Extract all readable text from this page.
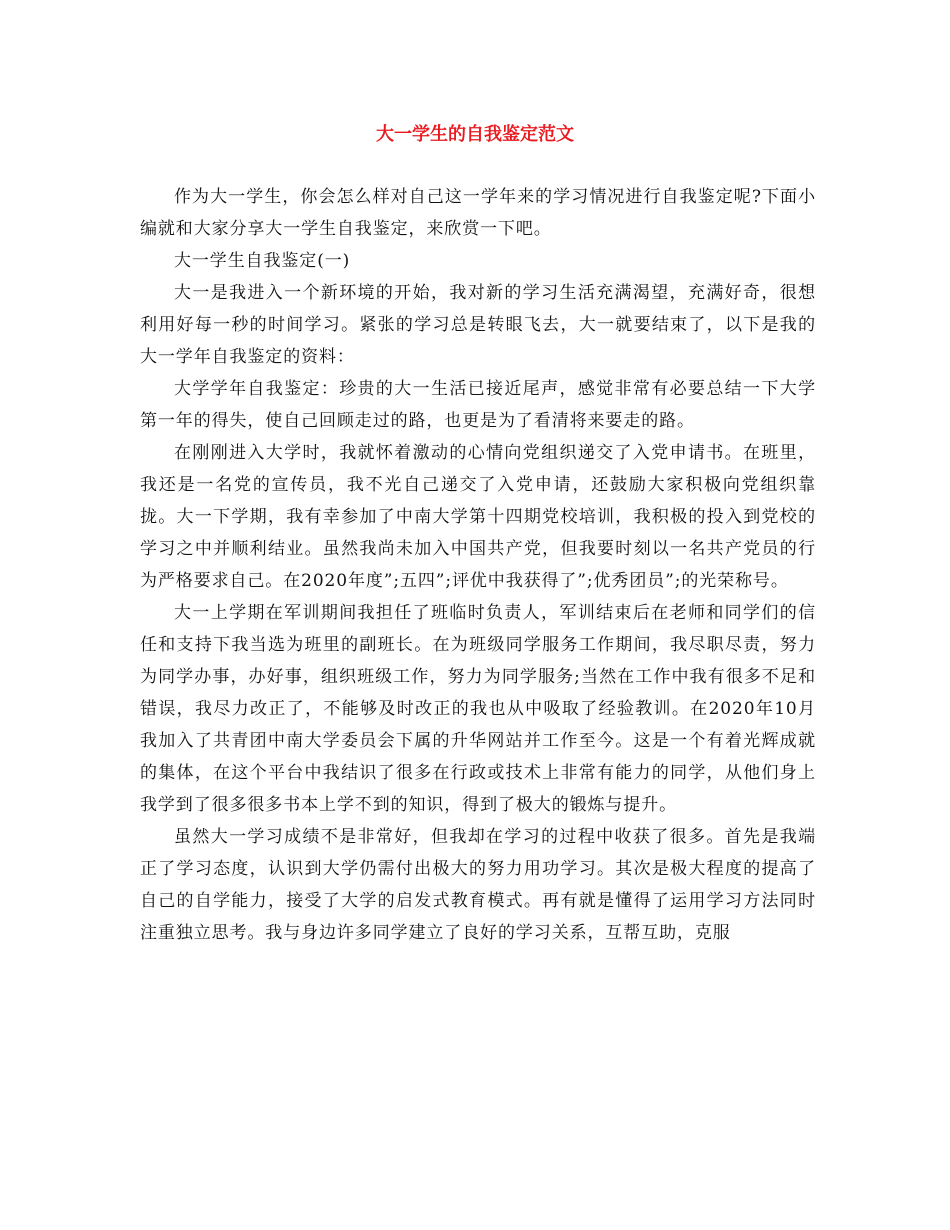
大一学生的自我鉴定范文

作为大一学生，你会怎么样对自己这一学年来的学习情况进行自我鉴定呢?下面小编就和大家分享大一学生自我鉴定，来欣赏一下吧。

大一学生自我鉴定(一)

大一是我进入一个新环境的开始，我对新的学习生活充满渴望，充满好奇，很想利用好每一秒的时间学习。紧张的学习总是转眼飞去，大一就要结束了，以下是我的大一学年自我鉴定的资料：

大学学年自我鉴定：珍贵的大一生活已接近尾声，感觉非常有必要总结一下大学第一年的得失，使自己回顾走过的路，也更是为了看清将来要走的路。

在刚刚进入大学时，我就怀着激动的心情向党组织递交了入党申请书。在班里，我还是一名党的宣传员，我不光自己递交了入党申请，还鼓励大家积极向党组织靠拢。大一下学期，我有幸参加了中南大学第十四期党校培训，我积极的投入到党校的学习之中并顺利结业。虽然我尚未加入中国共产党，但我要时刻以一名共产党员的行为严格要求自己。在2020年度”;五四”;评优中我获得了”;优秀团员”;的光荣称号。

大一上学期在军训期间我担任了班临时负责人，军训结束后在老师和同学们的信任和支持下我当选为班里的副班长。在为班级同学服务工作期间，我尽职尽责，努力为同学办事，办好事，组织班级工作，努力为同学服务;当然在工作中我有很多不足和错误，我尽力改正了，不能够及时改正的我也从中吸取了经验教训。在2020年10月我加入了共青团中南大学委员会下属的升华网站并工作至今。这是一个有着光辉成就的集体，在这个平台中我结识了很多在行政或技术上非常有能力的同学，从他们身上我学到了很多很多书本上学不到的知识，得到了极大的锻炼与提升。

虽然大一学习成绩不是非常好，但我却在学习的过程中收获了很多。首先是我端正了学习态度，认识到大学仍需付出极大的努力用功学习。其次是极大程度的提高了自己的自学能力，接受了大学的启发式教育模式。再有就是懂得了运用学习方法同时注重独立思考。我与身边许多同学建立了良好的学习关系，互帮互助，克服
